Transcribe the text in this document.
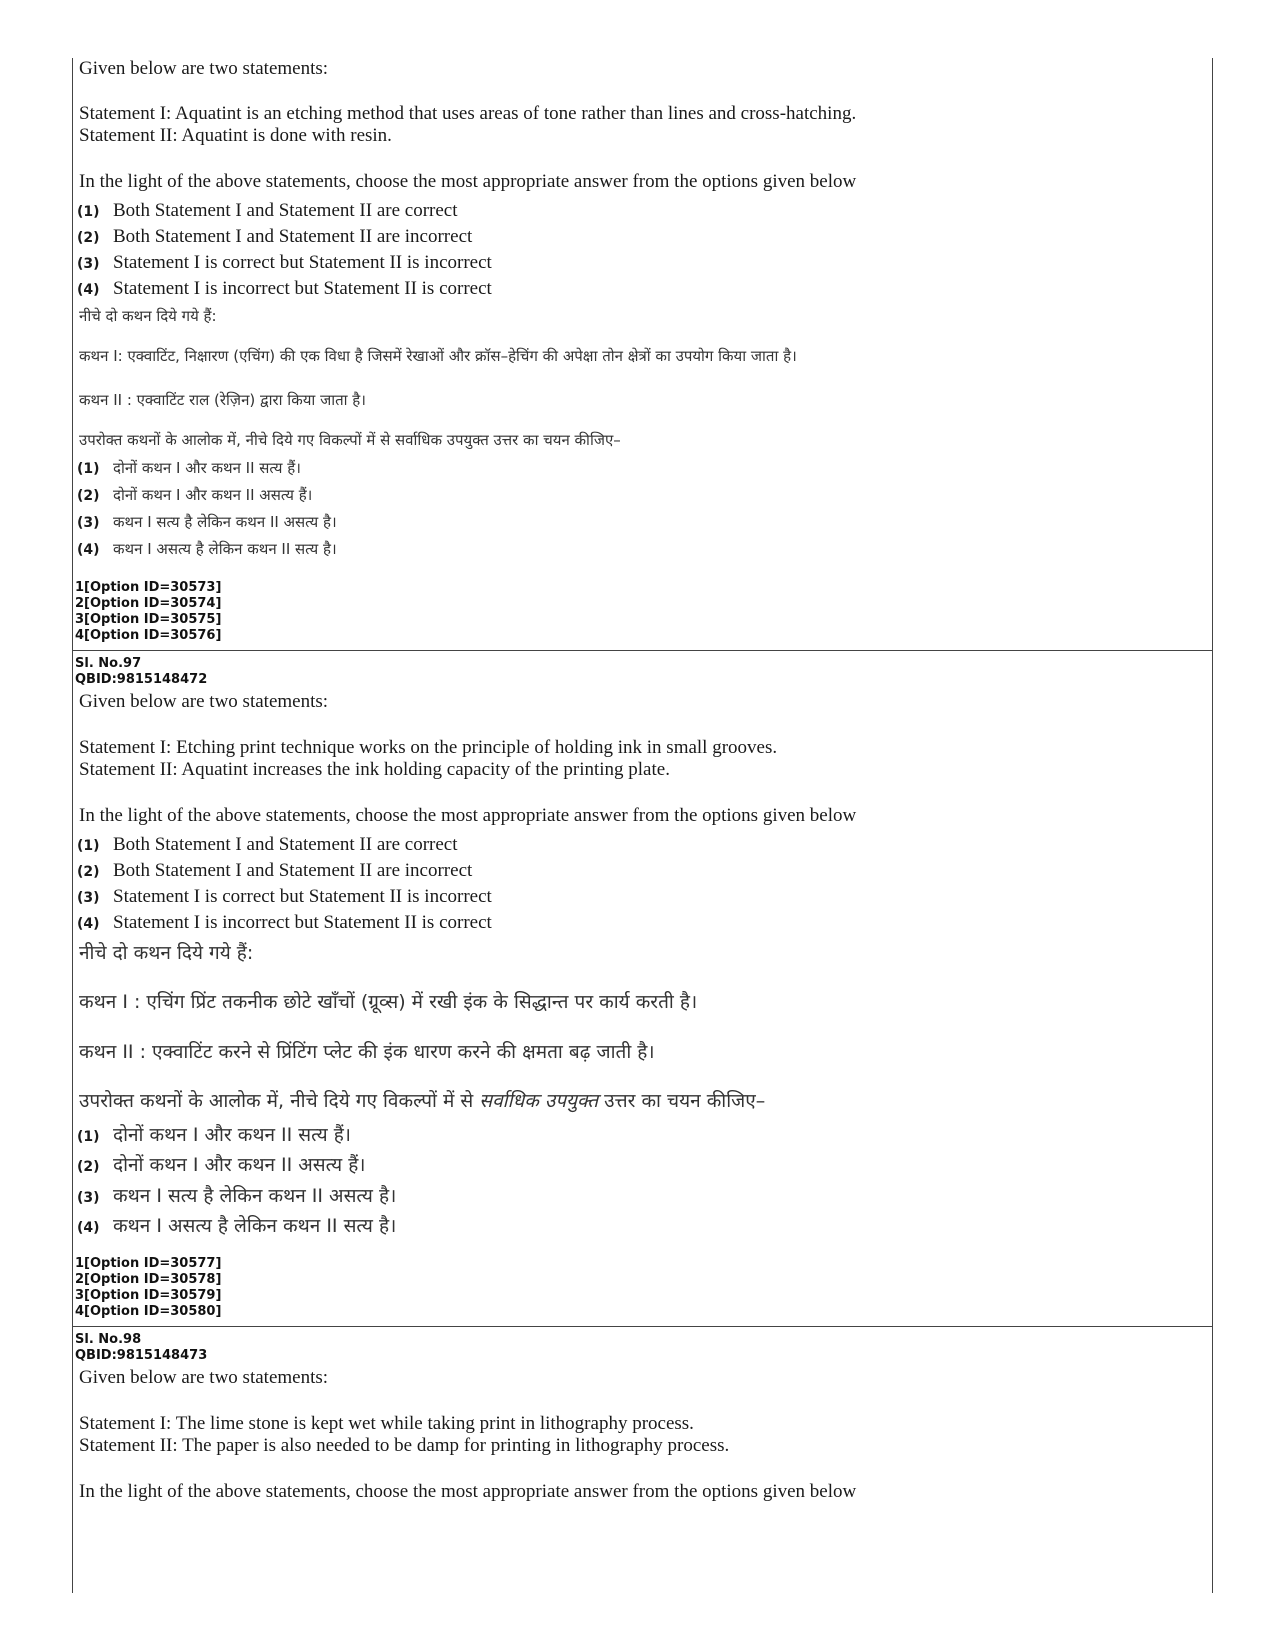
Given below are two statements:
Statement I: Aquatint is an etching method that uses areas of tone rather than lines and cross-hatching.
Statement II: Aquatint is done with resin.
In the light of the above statements, choose the most appropriate answer from the options given below
(1) Both Statement I and Statement II are correct
(2) Both Statement I and Statement II are incorrect
(3) Statement I is correct but Statement II is incorrect
(4) Statement I is incorrect but Statement II is correct
नीचे दो कथन दिये गये हैं:
कथन I: एक्वाटिंट, निक्षारण (एचिंग) की एक विधा है जिसमें रेखाओं और क्रॉस–हेचिंग की अपेक्षा तोन क्षेत्रों का उपयोग किया जाता है।
कथन II : एक्वाटिंट राल (रेज़िन) द्वारा किया जाता है।
उपरोक्त कथनों के आलोक में, नीचे दिये गए विकल्पों में से सर्वाधिक उपयुक्त उत्तर का चयन कीजिए–
(1) दोनों कथन I और कथन II सत्य हैं।
(2) दोनों कथन I और कथन II असत्य हैं।
(3) कथन I सत्य है लेकिन कथन II असत्य है।
(4) कथन I असत्य है लेकिन कथन II सत्य है।
1[Option ID=30573]
2[Option ID=30574]
3[Option ID=30575]
4[Option ID=30576]
Sl. No.97
QBID:9815148472
Given below are two statements:
Statement I: Etching print technique works on the principle of holding ink in small grooves.
Statement II: Aquatint increases the ink holding capacity of the printing plate.
In the light of the above statements, choose the most appropriate answer from the options given below
(1) Both Statement I and Statement II are correct
(2) Both Statement I and Statement II are incorrect
(3) Statement I is correct but Statement II is incorrect
(4) Statement I is incorrect but Statement II is correct
नीचे दो कथन दिये गये हैं:
कथन I : एचिंग प्रिंट तकनीक छोटे खाँचों (ग्रूव्स) में रखी इंक के सिद्धान्त पर कार्य करती है।
कथन II : एक्वाटिंट करने से प्रिंटिंग प्लेट की इंक धारण करने की क्षमता बढ़ जाती है।
उपरोक्त कथनों के आलोक में, नीचे दिये गए विकल्पों में से सर्वाधिक उपयुक्त उत्तर का चयन कीजिए–
(1) दोनों कथन I और कथन II सत्य हैं।
(2) दोनों कथन I और कथन II असत्य हैं।
(3) कथन I सत्य है लेकिन कथन II असत्य है।
(4) कथन I असत्य है लेकिन कथन II सत्य है।
1[Option ID=30577]
2[Option ID=30578]
3[Option ID=30579]
4[Option ID=30580]
Sl. No.98
QBID:9815148473
Given below are two statements:
Statement I: The lime stone is kept wet while taking print in lithography process.
Statement II: The paper is also needed to be damp for printing in lithography process.
In the light of the above statements, choose the most appropriate answer from the options given below
